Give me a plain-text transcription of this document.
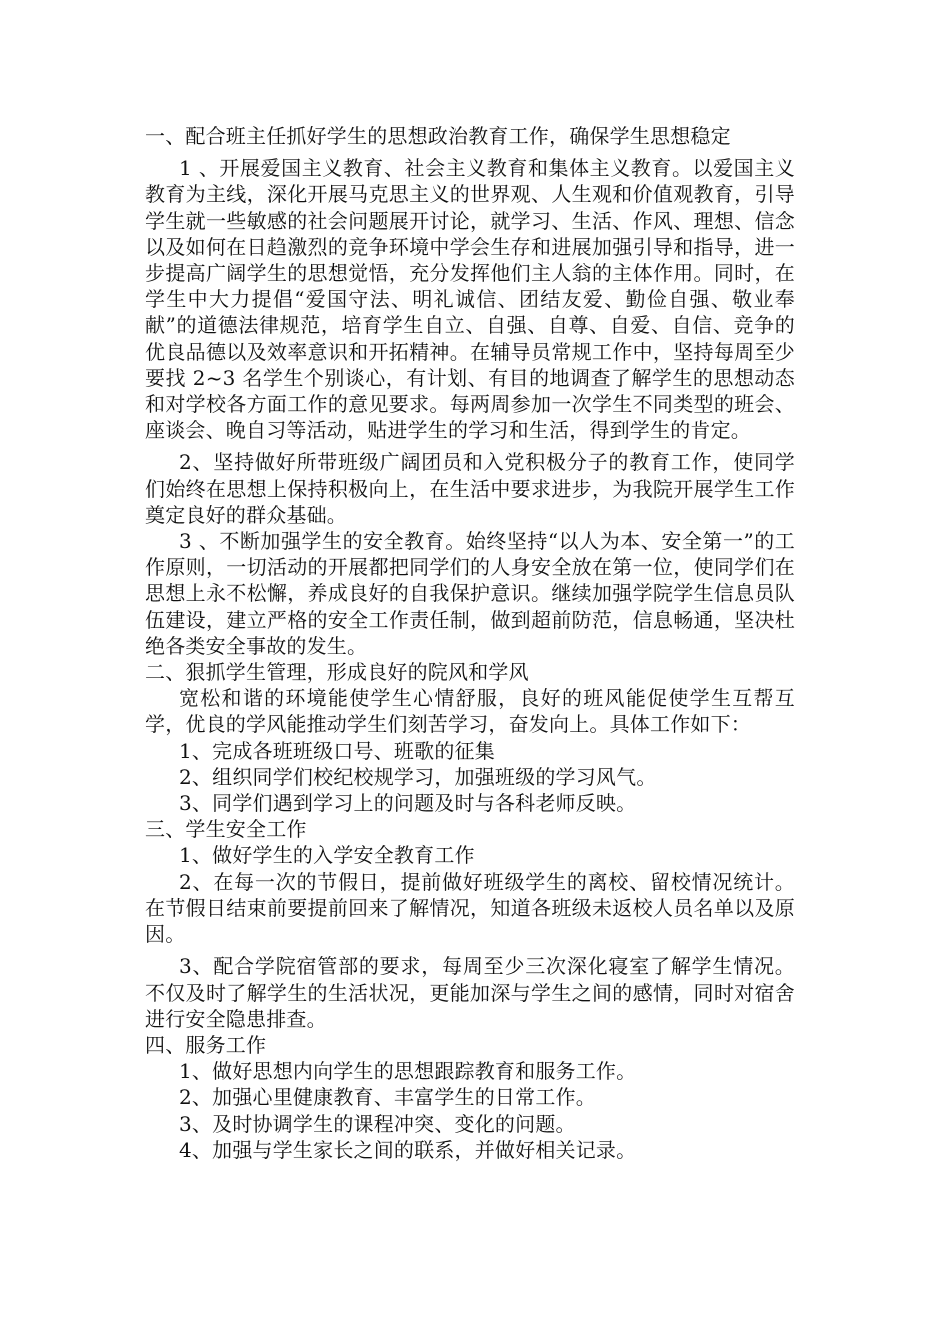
一、配合班主任抓好学生的思想政治教育工作，确保学生思想稳定

1 、开展爱国主义教育、社会主义教育和集体主义教育。以爱国主义教育为主线，深化开展马克思主义的世界观、人生观和价值观教育，引导学生就一些敏感的社会问题展开讨论，就学习、生活、作风、理想、信念以及如何在日趋激烈的竞争环境中学会生存和进展加强引导和指导，进一步提高广阔学生的思想觉悟，充分发挥他们主人翁的主体作用。同时，在学生中大力提倡“爱国守法、明礼诚信、团结友爱、勤俭自强、敬业奉献”的道德法律规范，培育学生自立、自强、自尊、自爱、自信、竞争的优良品德以及效率意识和开拓精神。在辅导员常规工作中，坚持每周至少要找 2~3 名学生个别谈心，有计划、有目的地调查了解学生的思想动态和对学校各方面工作的意见要求。每两周参加一次学生不同类型的班会、座谈会、晚自习等活动，贴进学生的学习和生活，得到学生的肯定。

2、坚持做好所带班级广阔团员和入党积极分子的教育工作，使同学们始终在思想上保持积极向上，在生活中要求进步，为我院开展学生工作奠定良好的群众基础。

3 、不断加强学生的安全教育。始终坚持“以人为本、安全第一”的工作原则，一切活动的开展都把同学们的人身安全放在第一位，使同学们在思想上永不松懈，养成良好的自我保护意识。继续加强学院学生信息员队伍建设，建立严格的安全工作责任制，做到超前防范，信息畅通，坚决杜绝各类安全事故的发生。

二、狠抓学生管理，形成良好的院风和学风

宽松和谐的环境能使学生心情舒服，良好的班风能促使学生互帮互学，优良的学风能推动学生们刻苦学习，奋发向上。具体工作如下：

1、完成各班班级口号、班歌的征集

2、组织同学们校纪校规学习，加强班级的学习风气。

3、同学们遇到学习上的问题及时与各科老师反映。

三、学生安全工作

1、做好学生的入学安全教育工作

2、在每一次的节假日，提前做好班级学生的离校、留校情况统计。在节假日结束前要提前回来了解情况，知道各班级未返校人员名单以及原因。

3、配合学院宿管部的要求，每周至少三次深化寝室了解学生情况。不仅及时了解学生的生活状况，更能加深与学生之间的感情，同时对宿舍进行安全隐患排查。

四、服务工作

1、做好思想内向学生的思想跟踪教育和服务工作。

2、加强心里健康教育、丰富学生的日常工作。

3、及时协调学生的课程冲突、变化的问题。

4、加强与学生家长之间的联系，并做好相关记录。
